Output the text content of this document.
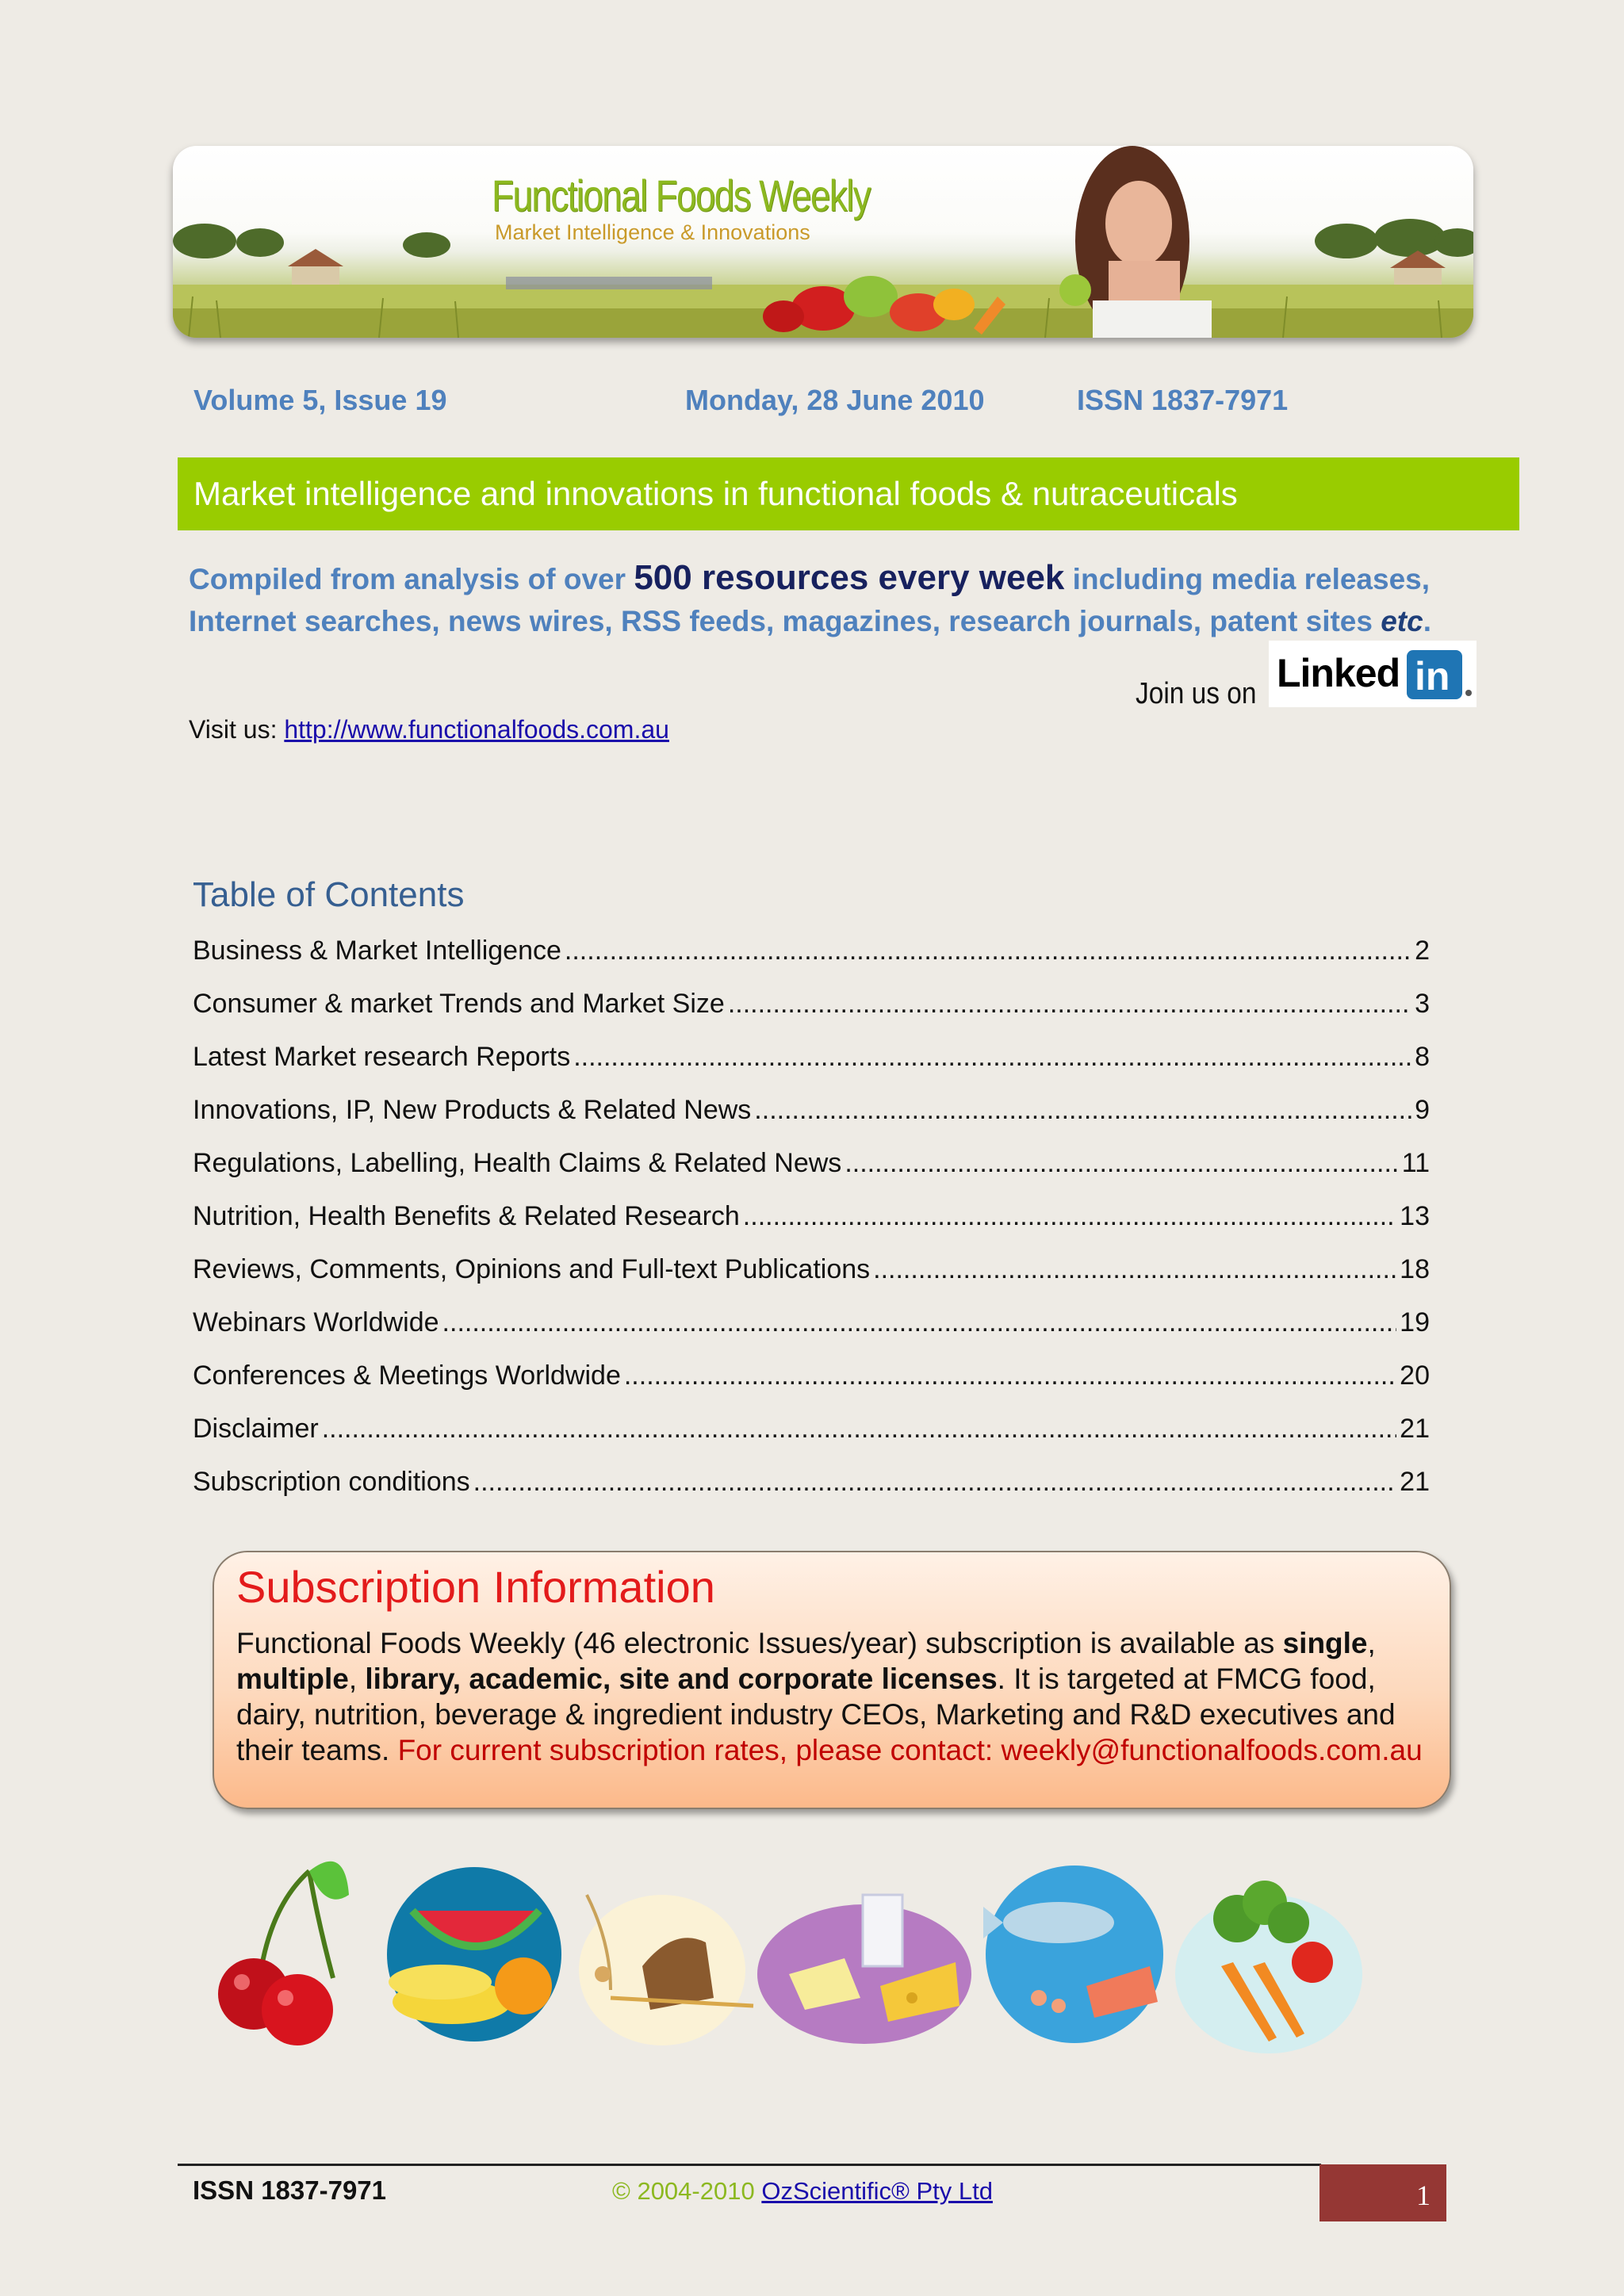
Functional Foods Weekly
Market Intelligence & Innovations
Volume 5, Issue 19	Monday, 28 June 2010	ISSN 1837-7971
Market intelligence and innovations in functional foods & nutraceuticals
Compiled from analysis of over 500 resources every week including media releases, Internet searches, news wires, RSS feeds, magazines, research journals, patent sites etc.
Join us on Linked in
Visit us: http://www.functionalfoods.com.au
Table of Contents
Business & Market Intelligence .....	2
Consumer & market Trends and Market Size .....	3
Latest Market research Reports .....	8
Innovations, IP, New Products & Related News .....	9
Regulations, Labelling, Health Claims & Related News .....	11
Nutrition, Health Benefits & Related Research .....	13
Reviews, Comments, Opinions and Full-text Publications .....	18
Webinars Worldwide .....	19
Conferences & Meetings Worldwide .....	20
Disclaimer .....	21
Subscription conditions .....	21
Subscription Information
Functional Foods Weekly (46 electronic Issues/year) subscription is available as single, multiple, library, academic, site and corporate licenses. It is targeted at FMCG food, dairy, nutrition, beverage & ingredient industry CEOs, Marketing and R&D executives and their teams. For current subscription rates, please contact: weekly@functionalfoods.com.au
ISSN 1837-7971	© 2004-2010 OzScientific® Pty Ltd	1
